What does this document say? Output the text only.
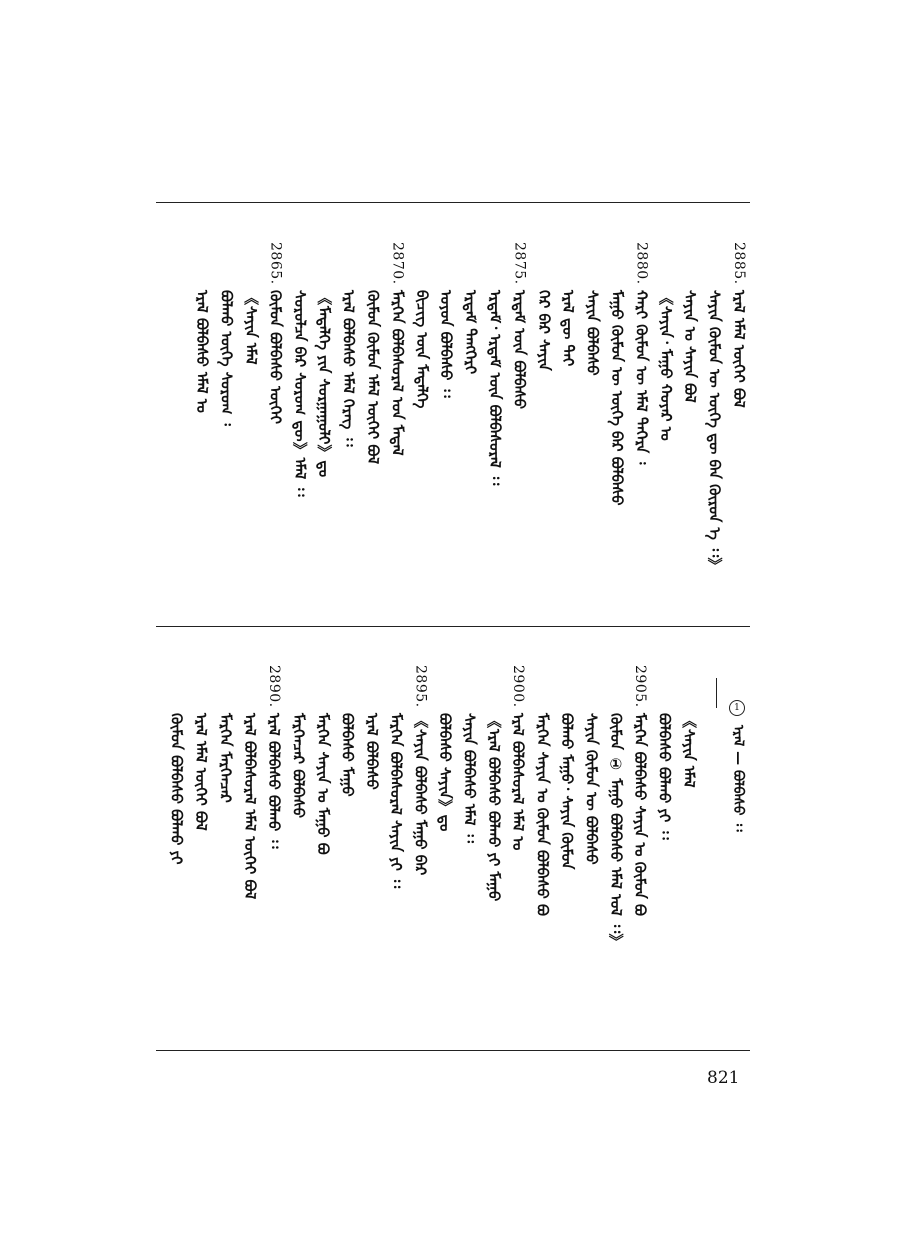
2885.
ᠡᠷᠡᠯ ᠡᠮᠡᠯ ᠦᠭᠡᠢ ᠪᠣᠯ
ᠰᠠᠶᠢᠨ ᠬᠦᠮᠦᠨ ᠦ ᠦᠭᠡ ᠳᠦ ᠪᠠᠨ ᠬᠦᠷᠦᠨ ᠡ ᠄᠄》
ᠰᠠᠶᠢᠨ ᠤ ᠰᠠᠶᠢᠨ ᠪᠤᠯ
《ᠰᠠᠶᠢᠨ᠂ ᠮᠠᠭᠤ ᠬᠣᠶᠠᠷ ᠤ
2880.
ᠬᠠᠷᠢ ᠬᠥᠮᠦᠨ ᠦ ᠡᠮᠡᠯ ᠳᠡᠭᠡᠷᠡ ᠄
ᠮᠠᠭᠤ ᠬᠦᠮᠦᠨ ᠦ ᠦᠭᠡ ᠪᠡᠷ ᠪᠣᠯᠪᠠᠰᠤ
ᠰᠠᠶᠢᠨ ᠪᠣᠯᠪᠠᠰᠤ
ᠡᠷᠡᠯ ᠳᠦ ᠲᠡᠢ
ᠭᠡᠷ ᠪᠠᠷ ᠰᠠᠶᠢᠨ
2875.
ᠡᠷᠳᠡᠮ ᠦᠨ ᠪᠣᠯᠪᠠᠰᠤ
ᠡᠷᠳᠡᠮ᠂ ᠡᠷᠳᠡᠮ ᠦᠨ ᠪᠣᠯᠪᠠᠰᠤᠷᠠᠯ ᠄᠄
ᠡᠷᠳᠡᠮ ᠲᠡᠩᠭᠡᠷᠢ
ᠣᠶᠤᠨ ᠪᠣᠯᠪᠠᠰᠤ ᠄᠄
ᠪᠢᠴᠢᠭ ᠦᠨ ᠮᠡᠳᠡᠯᠭᠡ
2870.
ᠮᠡᠷᠭᠡᠨ ᠪᠣᠯᠪᠠᠰᠤᠷᠠᠯ ᠤᠨ ᠮᠡᠳᠡᠯ
ᠬᠥᠮᠦᠨ ᠬᠥᠮᠦᠨ ᠡᠮᠡᠯ ᠦᠭᠡᠢ ᠪᠣᠯ
ᠡᠷᠡᠯ ᠪᠣᠯᠪᠠᠰᠤ ᠡᠮᠡᠯ ᠬᠡᠷᠡᠭ ᠄᠄
《ᠮᠡᠳᠡᠯᠭᠡ ᠶᠢᠨ ᠰᠣᠷᠭᠠᠭᠤᠯᠢ》ᠳᠤ
ᠰᠤᠷᠤᠯᠴᠠ ᠪᠠᠷ ᠰᠤᠷᠤᠭ ᠳᠦ》ᠡᠮᠡᠯ ᠄᠄
2865.
ᠬᠦᠮᠦᠨ ᠪᠣᠯᠪᠠᠰᠤ ᠦᠭᠡᠢ
《ᠰᠠᠶᠢᠨ ᠡᠮᠡᠯ
ᠪᠣᠯᠬᠤ ᠦᠭᠡ ᠰᠤᠷᠤᠭ ᠄
ᠡᠷᠡᠯ ᠪᠣᠯᠪᠠᠰᠤ ᠡᠮᠡᠯ ᠤ
《ᠰᠠᠶᠢᠨ ᠡᠮᠡᠯ
ᠪᠣᠯᠪᠠᠰᠤ ᠪᠣᠯᠬᠤ ᠶᠢ ᠄᠄
2905.
ᠮᠡᠷᠭᠡᠨ ᠪᠣᠯᠪᠠᠰᠤ ᠰᠠᠶᠢᠨ ᠤ ᠬᠦᠮᠦᠨ ᠪᠣ
ᠬᠦᠮᠦᠨ ① ᠮᠠᠭᠤ ᠪᠣᠯᠪᠠᠰᠤ ᠡᠮᠡᠯ ᠤᠯ ᠄᠄》
ᠰᠠᠶᠢᠨ ᠬᠦᠮᠦᠨ ᠦ ᠪᠣᠯᠪᠠᠰᠤ
ᠪᠣᠯᠬᠤ ᠮᠠᠭᠤ᠂ ᠰᠠᠶᠢᠨ ᠬᠥᠮᠦᠨ
ᠮᠡᠷᠭᠡᠨ ᠰᠠᠶᠢᠨ ᠤ ᠬᠦᠮᠦᠨ ᠪᠣᠯᠪᠠᠰᠤ ᠪᠣ
2900.
ᠡᠷᠡᠯ ᠪᠣᠯᠪᠠᠰᠤᠷᠠᠯ ᠡᠮᠡᠯ ᠤ
《ᠡᠷᠡᠯ ᠪᠣᠯᠪᠠᠰᠤ ᠪᠣᠯᠬᠤ ᠶᠢ ᠮᠠᠭᠤ
ᠰᠠᠶᠢᠨ ᠪᠣᠯᠪᠠᠰᠤ ᠡᠮᠡᠯ ᠄᠄
ᠪᠣᠯᠪᠠᠰᠤ ᠰᠠᠶᠢᠨ》ᠳᠤ
2895.
《ᠰᠠᠶᠢᠨ ᠪᠣᠯᠪᠠᠰᠤ ᠮᠠᠭᠤ ᠪᠠᠷ
ᠮᠡᠷᠭᠡᠨ ᠪᠣᠯᠪᠠᠰᠤᠷᠠᠯ ᠰᠠᠶᠢᠨ ᠶᠢ ᠄᠄
ᠡᠷᠡᠯ ᠪᠣᠯᠪᠠᠰᠤ
ᠪᠣᠯᠪᠠᠰᠤ ᠮᠠᠭᠤ
ᠮᠡᠷᠭᠡᠨ ᠰᠠᠶᠢᠨ ᠤ ᠮᠠᠭᠤ ᠪᠣ
ᠮᠡᠷᠭᠡᠨᠴᠡᠷ ᠪᠣᠯᠪᠠᠰᠤ
2890.
ᠡᠷᠡᠯ ᠪᠣᠯᠪᠠᠰᠤ ᠪᠣᠯᠬᠤ ᠄᠄
ᠡᠷᠡᠯ ᠪᠣᠯᠪᠠᠰᠤᠷᠠᠯ ᠡᠮᠡᠯ ᠦᠭᠡᠢ ᠪᠣᠯ
ᠮᠡᠷᠭᠡᠨ ᠮᠡᠷᠭᠡᠨᠴᠡᠷ
ᠡᠷᠡᠯ ᠡᠮᠡᠯ ᠦᠭᠡᠢ ᠪᠣᠯ
ᠬᠥᠮᠦᠨ ᠪᠣᠯᠪᠠᠰᠤ ᠪᠣᠯᠬᠤ ᠶᠢ
1
ᠡᠷᠡᠯ — ᠪᠣᠯᠪᠠᠰᠤ ᠄᠄
821
